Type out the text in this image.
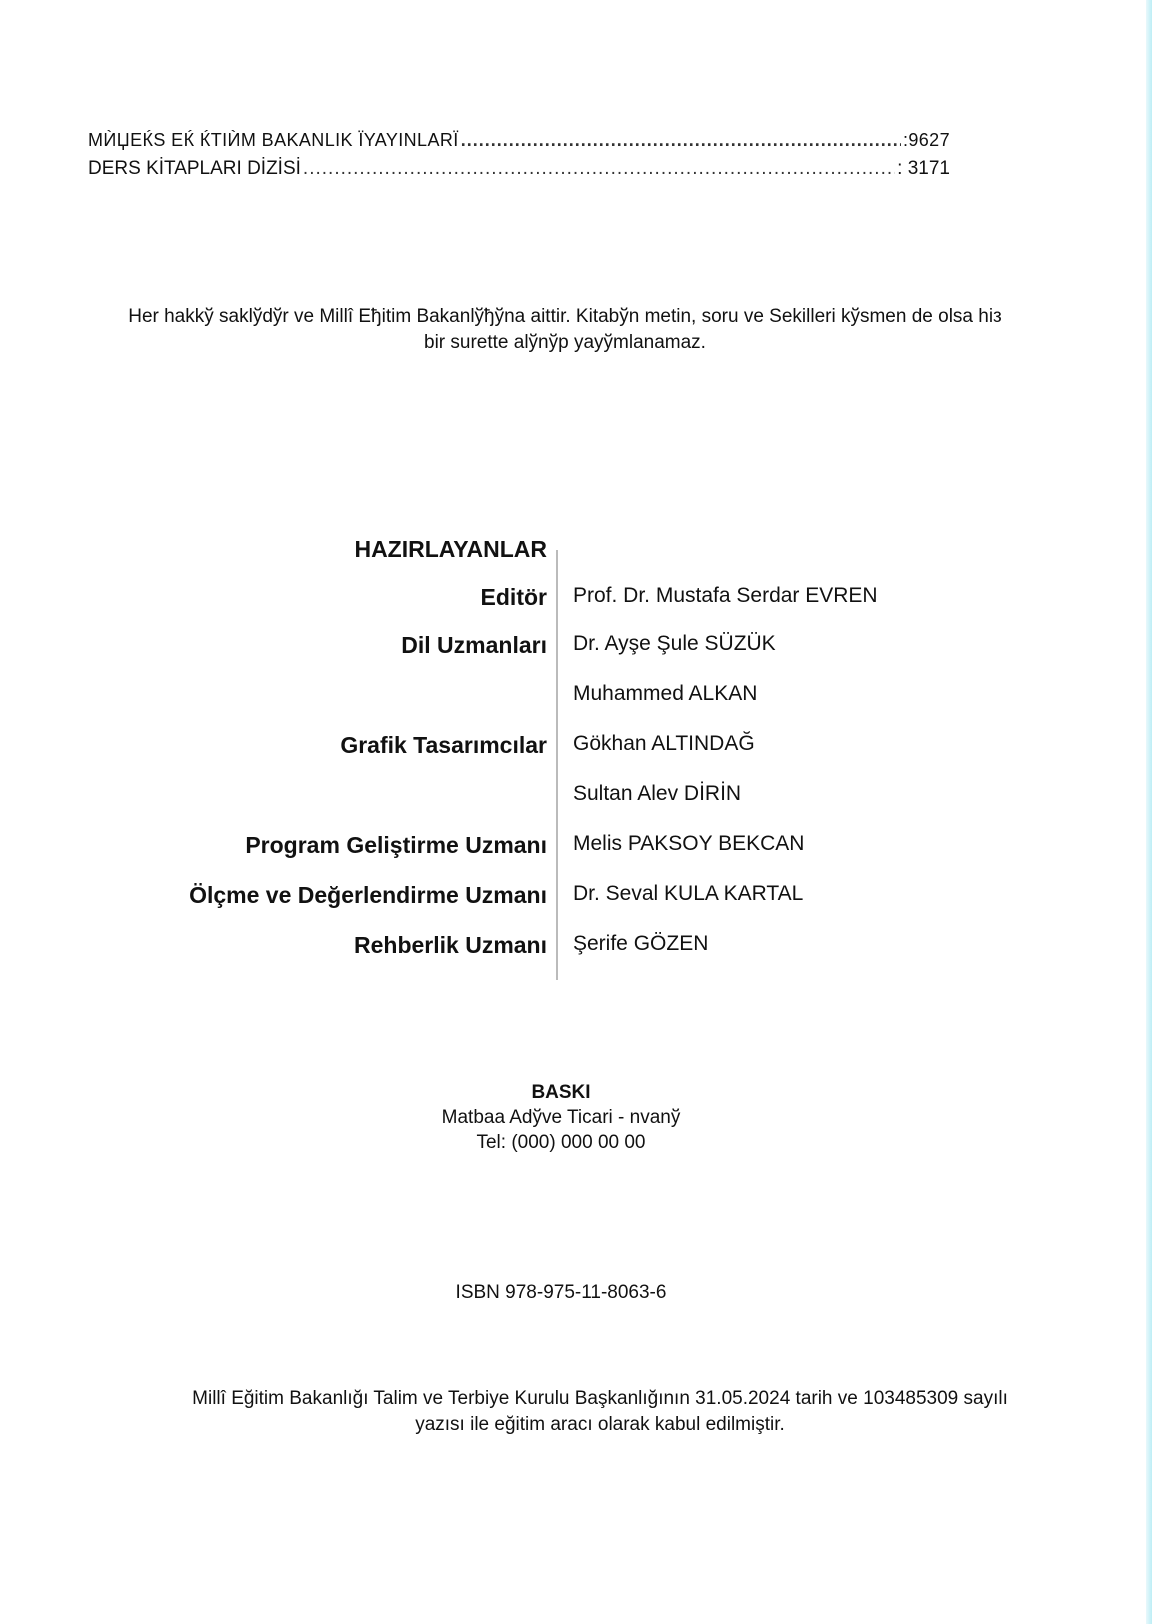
MЍЏЕЌЅ ЕЌ ЌТІЍМ BAKANLIK ЇYAYINLARЇ .....	:9627
DERS KİTAPLARI DİZİSİ .....	: 3171
Her hakkў saklўdўr ve Millî Еђitim Bakanlўђўna aittir. Kitabўn metin, soru ve Ѕekilleri kўsmen de olsa hiз
bir surette alўnўp yayўmlanamaz.
HAZIRLAYANLAR
Editör Prof. Dr. Mustafa Serdar EVREN
Dil Uzmanları Dr. Ayşe Şule SÜZÜK
Muhammed ALKAN
Grafik Tasarımcılar Gökhan ALTINDAĞ
Sultan Alev DİRİN
Program Geliştirme Uzmanı Melis PAKSOY BEKCAN
Ölçme ve Değerlendirme Uzmanı Dr. Seval KULA KARTAL
Rehberlik Uzmanı Şerife GÖZEN
BASKI
Matbaa Adўve Ticari - nvanў
Tel: (000) 000 00 00
ISBN 978-975-11-8063-6
Millî Eğitim Bakanlığı Talim ve Terbiye Kurulu Başkanlığının 31.05.2024 tarih ve 103485309 sayılı
yazısı ile eğitim aracı olarak kabul edilmiştir.
